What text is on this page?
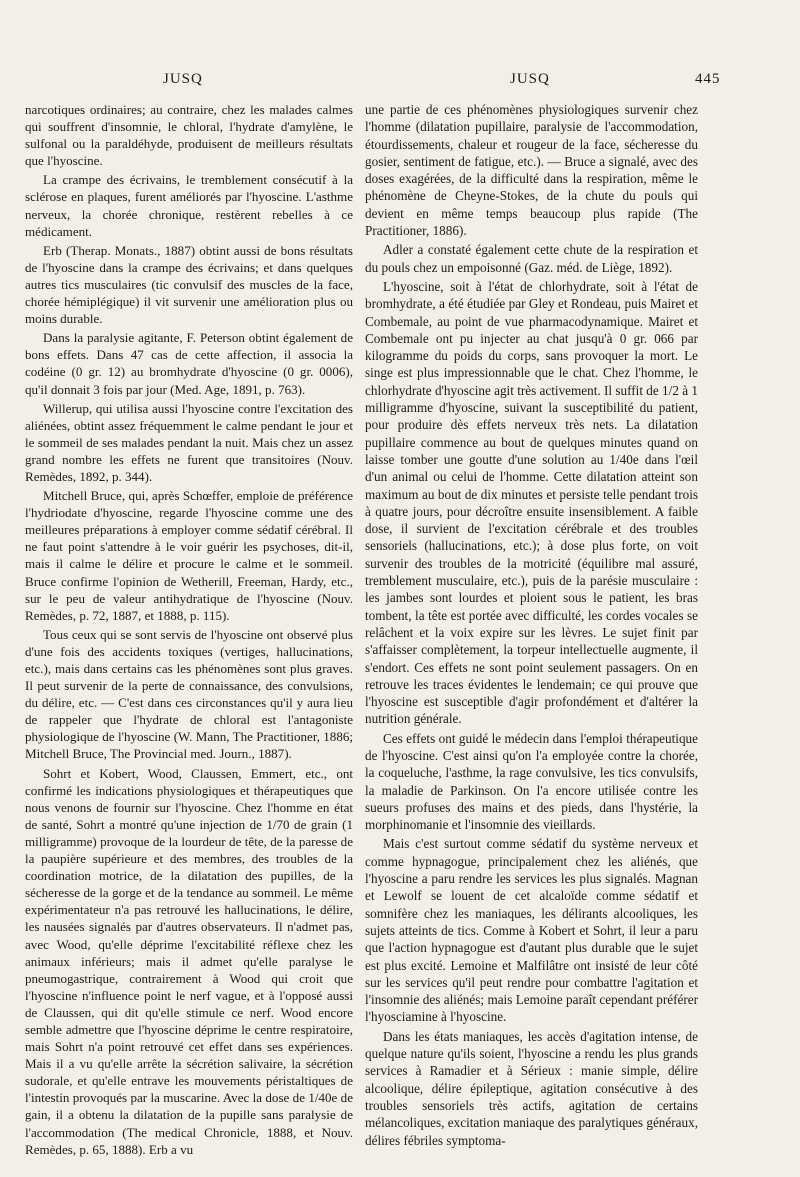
JUSQ	JUSQ	445

narcotiques ordinaires; au contraire, chez les malades calmes qui souffrent d'insomnie, le chloral, l'hydrate d'amylène, le sulfonal ou la paraldéhyde, produisent de meilleurs résultats que l'hyoscine.

La crampe des écrivains, le tremblement consécutif à la sclérose en plaques, furent améliorés par l'hyoscine. L'asthme nerveux, la chorée chronique, restèrent rebelles à ce médicament.

Erb (Therap. Monats., 1887) obtint aussi de bons résultats de l'hyoscine dans la crampe des écrivains; et dans quelques autres tics musculaires (tic convulsif des muscles de la face, chorée hémiplégique) il vit survenir une amélioration plus ou moins durable.

Dans la paralysie agitante, F. Peterson obtint également de bons effets. Dans 47 cas de cette affection, il associa la codéine (0 gr. 12) au bromhydrate d'hyoscine (0 gr. 0006), qu'il donnait 3 fois par jour (Med. Age, 1891, p. 763).

Willerup, qui utilisa aussi l'hyoscine contre l'excitation des aliénées, obtint assez fréquemment le calme pendant le jour et le sommeil de ses malades pendant la nuit. Mais chez un assez grand nombre les effets ne furent que transitoires (Nouv. Remèdes, 1892, p. 344).

Mitchell Bruce, qui, après Schœffer, emploie de préférence l'hydriodate d'hyoscine, regarde l'hyoscine comme une des meilleures préparations à employer comme sédatif cérébral. Il ne faut point s'attendre à le voir guérir les psychoses, dit-il, mais il calme le délire et procure le calme et le sommeil. Bruce confirme l'opinion de Wetherill, Freeman, Hardy, etc., sur le peu de valeur antihydratique de l'hyoscine (Nouv. Remèdes, p. 72, 1887, et 1888, p. 115).

Tous ceux qui se sont servis de l'hyoscine ont observé plus d'une fois des accidents toxiques (vertiges, hallucinations, etc.), mais dans certains cas les phénomènes sont plus graves. Il peut survenir de la perte de connaissance, des convulsions, du délire, etc. — C'est dans ces circonstances qu'il y aura lieu de rappeler que l'hydrate de chloral est l'antagoniste physiologique de l'hyoscine (W. Mann, The Practitioner, 1886; Mitchell Bruce, The Provincial med. Journ., 1887).

Sohrt et Kobert, Wood, Claussen, Emmert, etc., ont confirmé les indications physiologiques et thérapeutiques que nous venons de fournir sur l'hyoscine. Chez l'homme en état de santé, Sohrt a montré qu'une injection de 1/70 de grain (1 milligramme) provoque de la lourdeur de tête, de la paresse de la paupière supérieure et des membres, des troubles de la coordination motrice, de la dilatation des pupilles, de la sécheresse de la gorge et de la tendance au sommeil. Le même expérimentateur n'a pas retrouvé les hallucinations, le délire, les nausées signalés par d'autres observateurs. Il n'admet pas, avec Wood, qu'elle déprime l'excitabilité réflexe chez les animaux inférieurs; mais il admet qu'elle paralyse le pneumogastrique, contrairement à Wood qui croit que l'hyoscine n'influence point le nerf vague, et à l'opposé aussi de Claussen, qui dit qu'elle stimule ce nerf. Wood encore semble admettre que l'hyoscine déprime le centre respiratoire, mais Sohrt n'a point retrouvé cet effet dans ses expériences. Mais il a vu qu'elle arrête la sécrétion salivaire, la sécrétion sudorale, et qu'elle entrave les mouvements péristaltiques de l'intestin provoqués par la muscarine. Avec la dose de 1/40e de gain, il a obtenu la dilatation de la pupille sans paralysie de l'accommodation (The medical Chronicle, 1888, et Nouv. Remèdes, p. 65, 1888). Erb a vu

une partie de ces phénomènes physiologiques survenir chez l'homme (dilatation pupillaire, paralysie de l'accommodation, étourdissements, chaleur et rougeur de la face, sécheresse du gosier, sentiment de fatigue, etc.). — Bruce a signalé, avec des doses exagérées, de la difficulté dans la respiration, même le phénomène de Cheyne-Stokes, de la chute du pouls qui devient en même temps beaucoup plus rapide (The Practitioner, 1886).

Adler a constaté également cette chute de la respiration et du pouls chez un empoisonné (Gaz. méd. de Liège, 1892).

L'hyoscine, soit à l'état de chlorhydrate, soit à l'état de bromhydrate, a été étudiée par Gley et Rondeau, puis Mairet et Combemale, au point de vue pharmacodynamique. Mairet et Combemale ont pu injecter au chat jusqu'à 0 gr. 066 par kilogramme du poids du corps, sans provoquer la mort. Le singe est plus impressionnable que le chat. Chez l'homme, le chlorhydrate d'hyoscine agit très activement. Il suffit de 1/2 à 1 milligramme d'hyoscine, suivant la susceptibilité du patient, pour produire dès effets nerveux très nets. La dilatation pupillaire commence au bout de quelques minutes quand on laisse tomber une goutte d'une solution au 1/40e dans l'œil d'un animal ou celui de l'homme. Cette dilatation atteint son maximum au bout de dix minutes et persiste telle pendant trois à quatre jours, pour décroître ensuite insensiblement. A faible dose, il survient de l'excitation cérébrale et des troubles sensoriels (hallucinations, etc.); à dose plus forte, on voit survenir des troubles de la motricité (équilibre mal assuré, tremblement musculaire, etc.), puis de la parésie musculaire : les jambes sont lourdes et ploient sous le patient, les bras tombent, la tête est portée avec difficulté, les cordes vocales se relâchent et la voix expire sur les lèvres. Le sujet finit par s'affaisser complètement, la torpeur intellectuelle augmente, il s'endort. Ces effets ne sont point seulement passagers. On en retrouve les traces évidentes le lendemain; ce qui prouve que l'hyoscine est susceptible d'agir profondément et d'altérer la nutrition générale.

Ces effets ont guidé le médecin dans l'emploi thérapeutique de l'hyoscine. C'est ainsi qu'on l'a employée contre la chorée, la coqueluche, l'asthme, la rage convulsive, les tics convulsifs, la maladie de Parkinson. On l'a encore utilisée contre les sueurs profuses des mains et des pieds, dans l'hystérie, la morphinomanie et l'insomnie des vieillards.

Mais c'est surtout comme sédatif du système nerveux et comme hypnagogue, principalement chez les aliénés, que l'hyoscine a paru rendre les services les plus signalés. Magnan et Lewolf se louent de cet alcaloïde comme sédatif et somnifère chez les maniaques, les délirants alcooliques, les sujets atteints de tics. Comme à Kobert et Sohrt, il leur a paru que l'action hypnagogue est d'autant plus durable que le sujet est plus excité. Lemoine et Malfilâtre ont insisté de leur côté sur les services qu'il peut rendre pour combattre l'agitation et l'insomnie des aliénés; mais Lemoine paraît cependant préférer l'hyosciamine à l'hyoscine.

Dans les états maniaques, les accès d'agitation intense, de quelque nature qu'ils soient, l'hyoscine a rendu les plus grands services à Ramadier et à Sérieux : manie simple, délire alcoolique, délire épileptique, agitation consécutive à des troubles sensoriels très actifs, agitation de certains mélancoliques, excitation maniaque des paralytiques généraux, délires fébriles symptoma-
